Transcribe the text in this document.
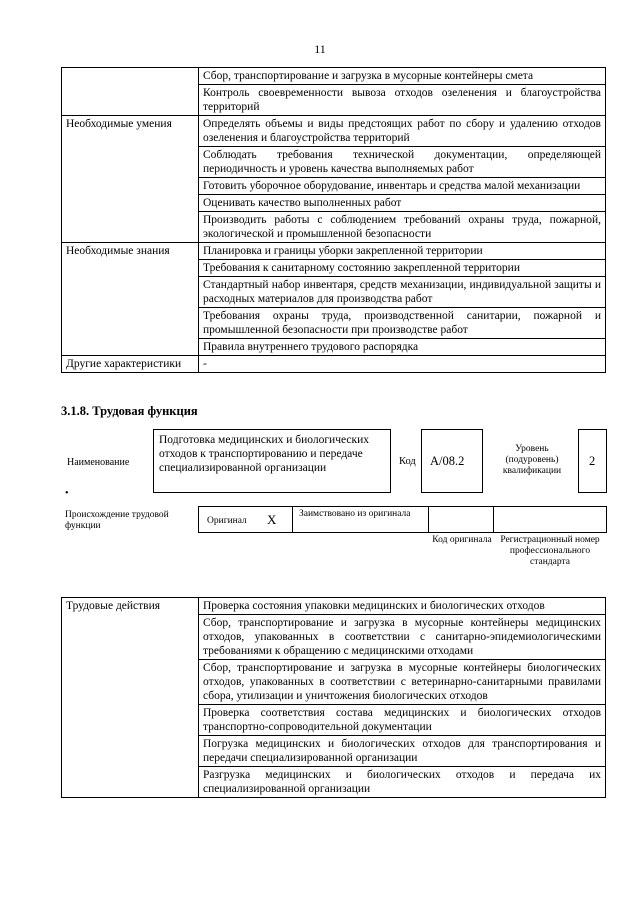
11
	Сбор, транспортирование и загрузка в мусорные контейнеры смета
	Контроль своевременности вывоза отходов озеленения и благоустройства территорий
Необходимые умения	Определять объемы и виды предстоящих работ по сбору и удалению отходов озеленения и благоустройства территорий
	Соблюдать требования технической документации, определяющей периодичность и уровень качества выполняемых работ
	Готовить уборочное оборудование, инвентарь и средства малой механизации
	Оценивать качество выполненных работ
	Производить работы с соблюдением требований охраны труда, пожарной, экологической и промышленной безопасности
Необходимые знания	Планировка и границы уборки закрепленной территории
	Требования к санитарному состоянию закрепленной территории
	Стандартный набор инвентаря, средств механизации, индивидуальной защиты и расходных материалов для производства работ
	Требования охраны труда, производственной санитарии, пожарной и промышленной безопасности при производстве работ
	Правила внутреннего трудового распорядка
Другие характеристики	-
3.1.8. Трудовая функция
Наименование
Подготовка медицинских и биологических отходов к транспортированию и передаче специализированной организации
Код A/08.2
Уровень (подуровень) квалификации
2
•
Происхождение трудовой функции	Оригинал X Заимствовано из оригинала
Код оригинала Регистрационный номер профессионального стандарта
Трудовые действия	Проверка состояния упаковки медицинских и биологических отходов
Сбор, транспортирование и загрузка в мусорные контейнеры медицинских отходов, упакованных в соответствии с санитарно-эпидемиологическими требованиями к обращению с медицинскими отходами
Сбор, транспортирование и загрузка в мусорные контейнеры биологических отходов, упакованных в соответствии с ветеринарно-санитарными правилами сбора, утилизации и уничтожения биологических отходов
Проверка соответствия состава медицинских и биологических отходов транспортно-сопроводительной документации
Погрузка медицинских и биологических отходов для транспортирования и передачи специализированной организации
Разгрузка медицинских и биологических отходов и передача их специализированной организации
